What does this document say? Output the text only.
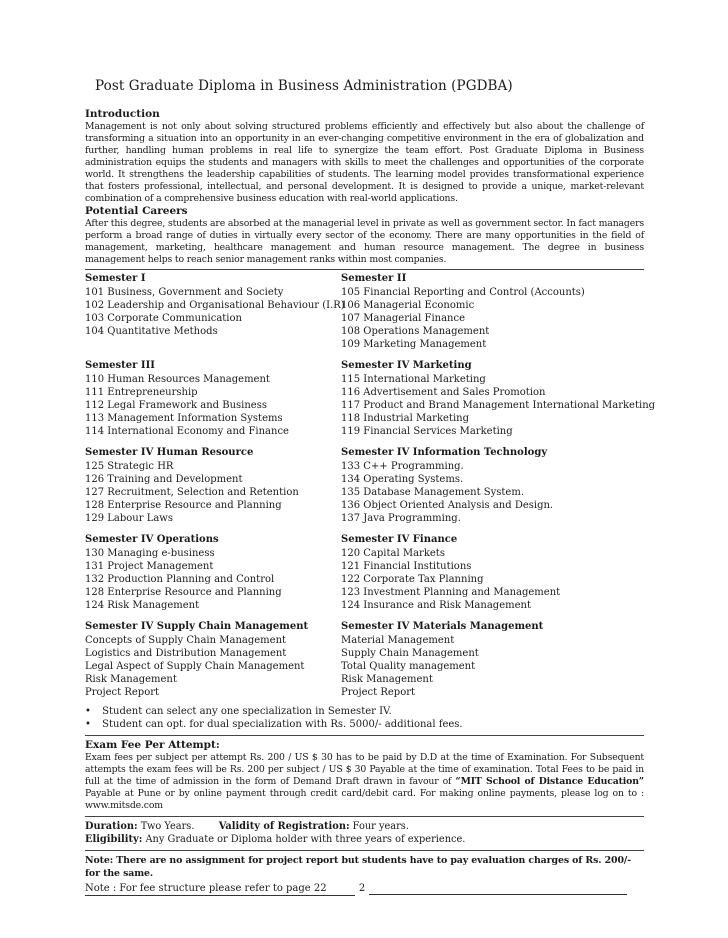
Post Graduate Diploma in Business Administration (PGDBA)
Introduction
Management is not only about solving structured problems efficiently and effectively but also about the challenge of transforming a situation into an opportunity in an ever-changing competitive environment in the era of globalization and further, handling human problems in real life to synergize the team effort. Post Graduate Diploma in Business administration equips the students and managers with skills to meet the challenges and opportunities of the corporate world. It strengthens the leadership capabilities of students. The learning model provides transformational experience that fosters professional, intellectual, and personal development. It is designed to provide a unique, market-relevant combination of a comprehensive business education with real-world applications.
Potential Careers
After this degree, students are absorbed at the managerial level in private as well as government sector. In fact managers perform a broad range of duties in virtually every sector of the economy. There are many opportunities in the field of management, marketing, healthcare management and human resource management. The degree in business management helps to reach senior management ranks within most companies.
Semester I
101 Business, Government and Society
102 Leadership and Organisational Behaviour (I.R)
103 Corporate Communication
104 Quantitative Methods
Semester II
105 Financial Reporting and Control (Accounts)
106 Managerial Economic
107 Managerial Finance
108 Operations Management
109 Marketing Management
Semester III
110 Human Resources Management
111 Entrepreneurship
112 Legal Framework and Business
113 Management Information Systems
114 International Economy and Finance
Semester IV Marketing
115 International Marketing
116 Advertisement and Sales Promotion
117 Product and Brand Management International Marketing
118 Industrial Marketing
119 Financial Services Marketing
Semester IV Human Resource
125 Strategic HR
126 Training and Development
127 Recruitment, Selection and Retention
128 Enterprise Resource and Planning
129 Labour Laws
Semester IV Information Technology
133 C++ Programming.
134 Operating Systems.
135 Database Management System.
136 Object Oriented Analysis and Design.
137 Java Programming.
Semester IV Operations
130 Managing e-business
131 Project Management
132 Production Planning and Control
128 Enterprise Resource and Planning
124 Risk Management
Semester IV Finance
120 Capital Markets
121 Financial Institutions
122 Corporate Tax Planning
123 Investment Planning and Management
124 Insurance and Risk Management
Semester IV Supply Chain Management
Concepts of Supply Chain Management
Logistics and Distribution Management
Legal Aspect of Supply Chain Management
Risk Management
Project Report
Semester IV Materials Management
Material Management
Supply Chain Management
Total Quality management
Risk Management
Project Report
• Student can select any one specialization in Semester IV.
• Student can opt. for dual specialization with Rs. 5000/- additional fees.
Exam Fee Per Attempt:
Exam fees per subject per attempt Rs. 200 / US $ 30 has to be paid by D.D at the time of Examination. For Subsequent attempts the exam fees will be Rs. 200 per subject / US $ 30 Payable at the time of examination. Total Fees to be paid in full at the time of admission in the form of Demand Draft drawn in favour of “MIT School of Distance Education” Payable at Pune or by online payment through credit card/debit card. For making online payments, please log on to : www.mitsde.com
Duration: Two Years. Validity of Registration: Four years.
Eligibility: Any Graduate or Diploma holder with three years of experience.
Note: There are no assignment for project report but students have to pay evaluation charges of Rs. 200/- for the same.
Note : For fee structure please refer to page 22	2
